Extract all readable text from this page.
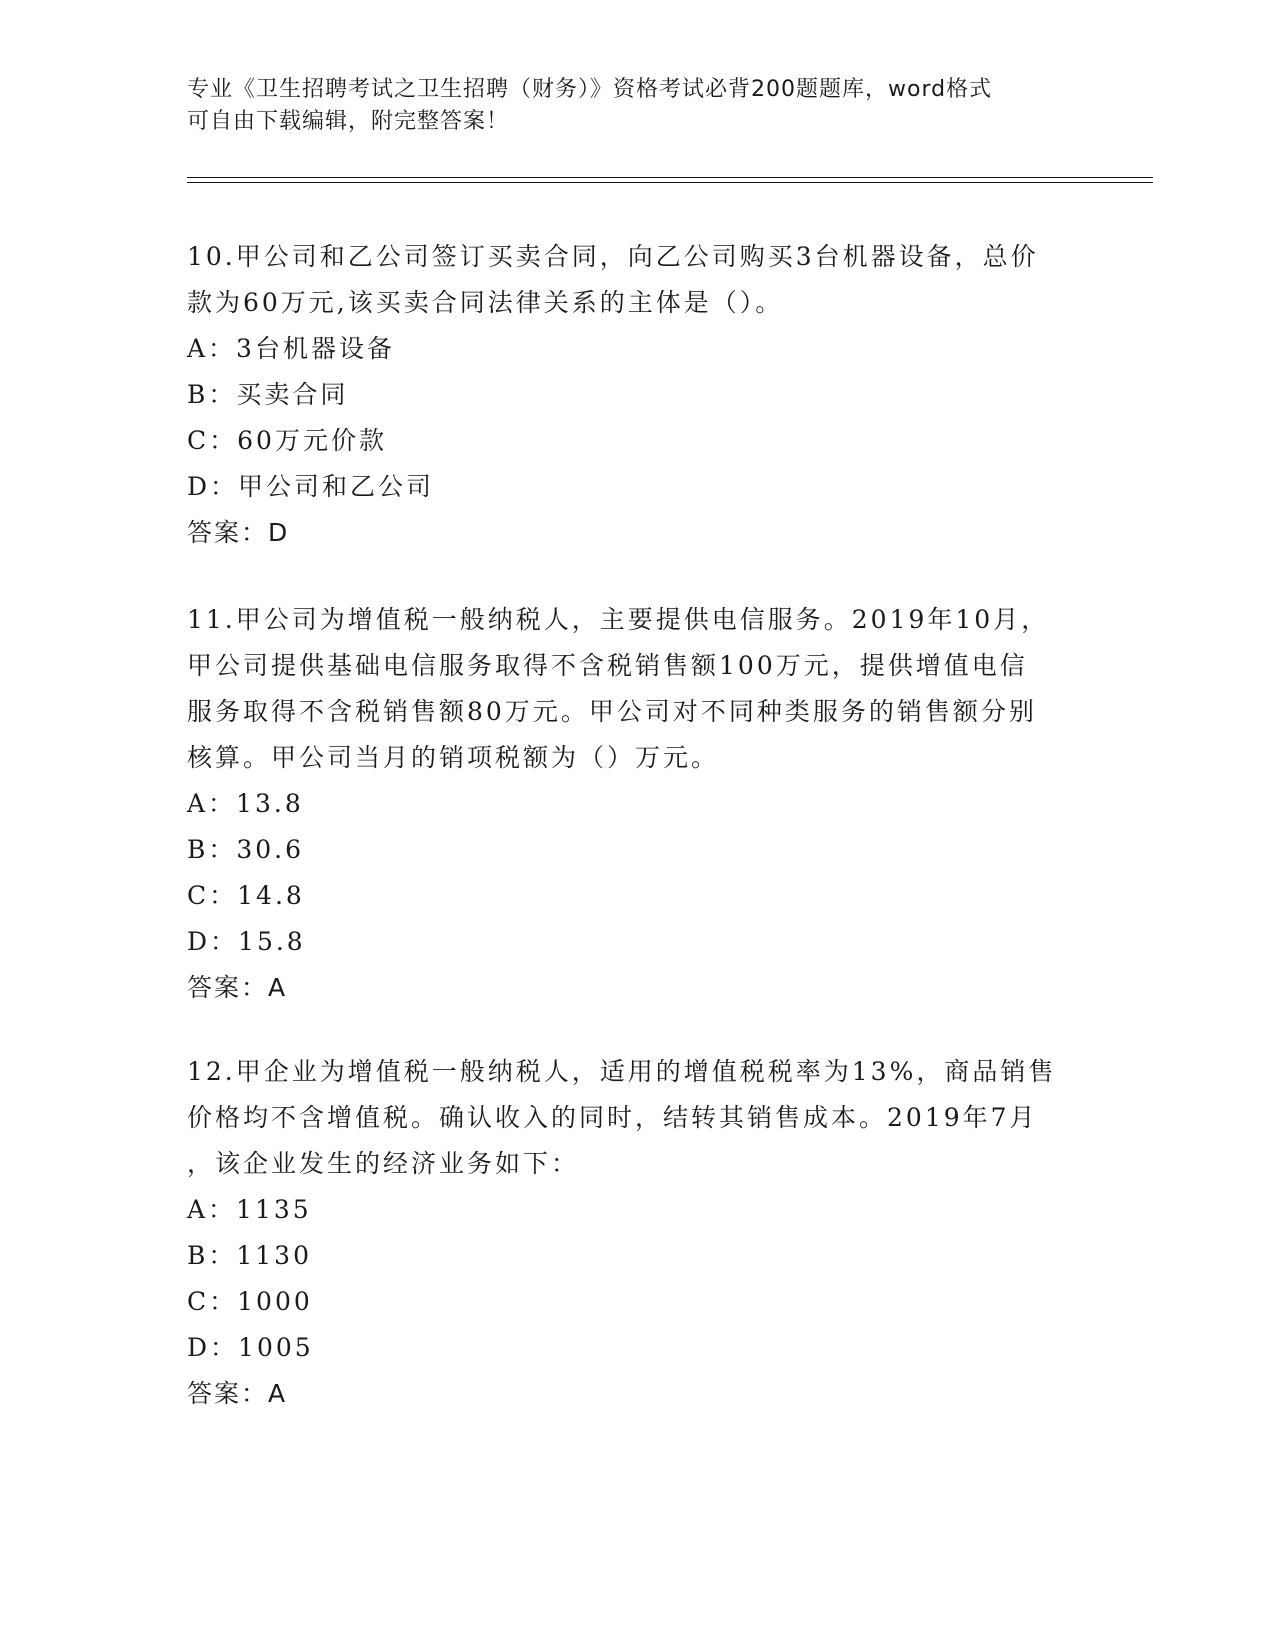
专业《卫生招聘考试之卫生招聘（财务）》资格考试必背200题题库，word格式
可自由下载编辑，附完整答案！
10.甲公司和乙公司签订买卖合同，向乙公司购买3台机器设备，总价
款为60万元,该买卖合同法律关系的主体是（）。
A：3台机器设备
B：买卖合同
C：60万元价款
D：甲公司和乙公司
答案：D
11.甲公司为增值税一般纳税人，主要提供电信服务。2019年10月，
甲公司提供基础电信服务取得不含税销售额100万元，提供增值电信
服务取得不含税销售额80万元。甲公司对不同种类服务的销售额分别
核算。甲公司当月的销项税额为（）万元。
A：13.8
B：30.6
C：14.8
D：15.8
答案：A
12.甲企业为增值税一般纳税人，适用的增值税税率为13%，商品销售
价格均不含增值税。确认收入的同时，结转其销售成本。2019年7月
，该企业发生的经济业务如下：
A：1135
B：1130
C：1000
D：1005
答案：A
